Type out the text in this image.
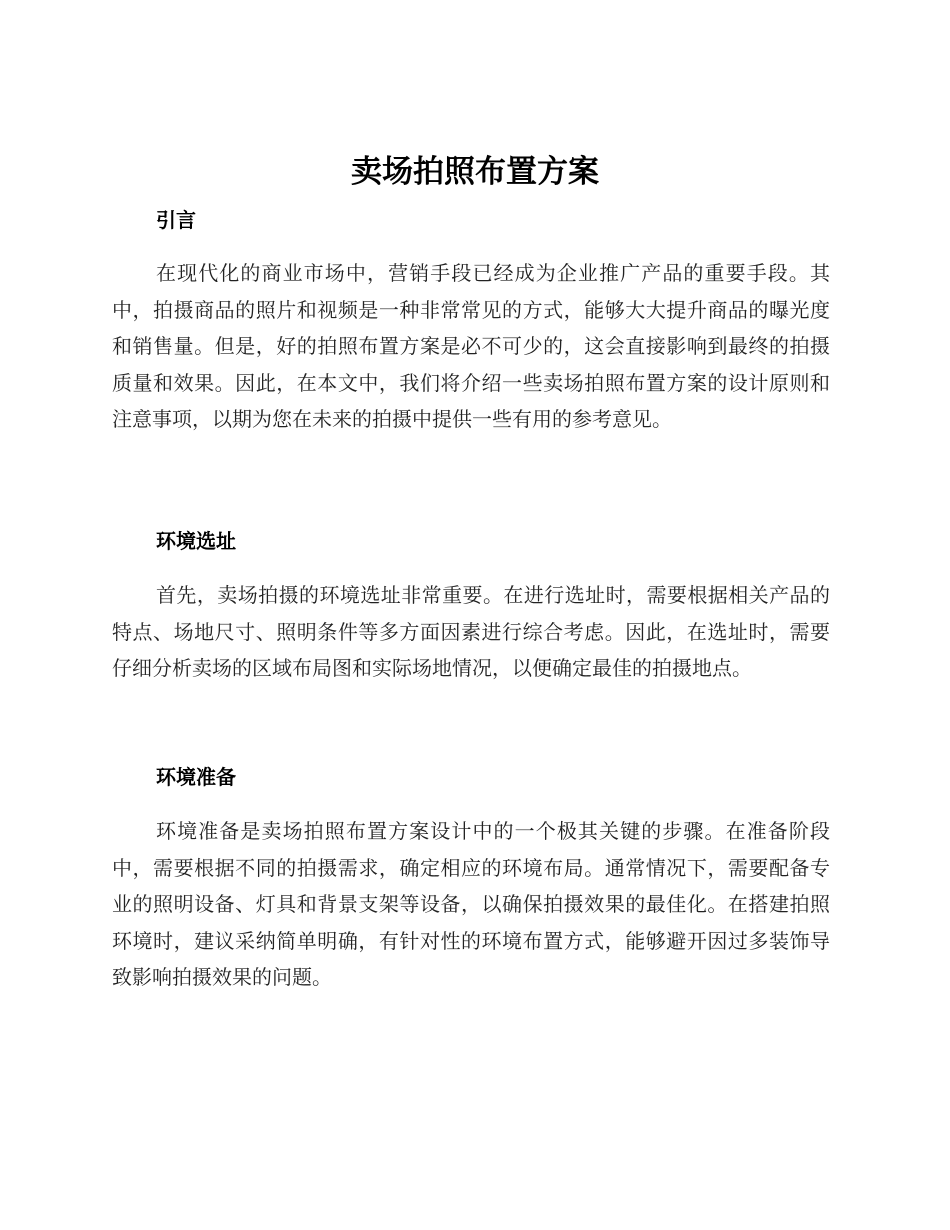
卖场拍照布置方案
引言

在现代化的商业市场中，营销手段已经成为企业推广产品的重要手段。其中，拍摄商品的照片和视频是一种非常常见的方式，能够大大提升商品的曝光度和销售量。但是，好的拍照布置方案是必不可少的，这会直接影响到最终的拍摄质量和效果。因此，在本文中，我们将介绍一些卖场拍照布置方案的设计原则和注意事项，以期为您在未来的拍摄中提供一些有用的参考意见。

环境选址

首先，卖场拍摄的环境选址非常重要。在进行选址时，需要根据相关产品的特点、场地尺寸、照明条件等多方面因素进行综合考虑。因此，在选址时，需要仔细分析卖场的区域布局图和实际场地情况，以便确定最佳的拍摄地点。

环境准备

环境准备是卖场拍照布置方案设计中的一个极其关键的步骤。在准备阶段中，需要根据不同的拍摄需求，确定相应的环境布局。通常情况下，需要配备专业的照明设备、灯具和背景支架等设备，以确保拍摄效果的最佳化。在搭建拍照环境时，建议采纳简单明确，有针对性的环境布置方式，能够避开因过多装饰导致影响拍摄效果的问题。
